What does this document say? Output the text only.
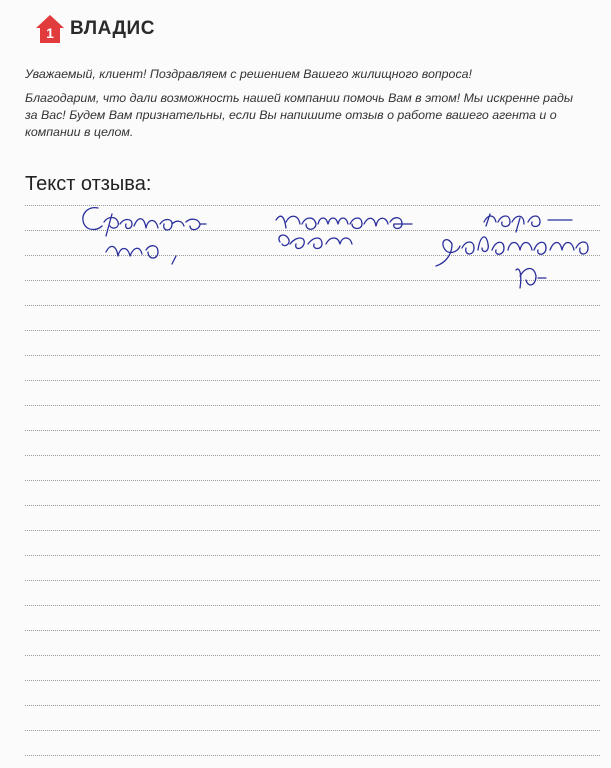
1 ВЛАДИС

Уважаемый, клиент! Поздравляем с решением Вашего жилищного вопроса!

Благодарим, что дали возможность нашей компании помочь Вам в этом! Мы искренне рады за Вас! Будем Вам признательны, если Вы напишите отзыв о работе вашего агента и о компании в целом.

Текст отзыва:
